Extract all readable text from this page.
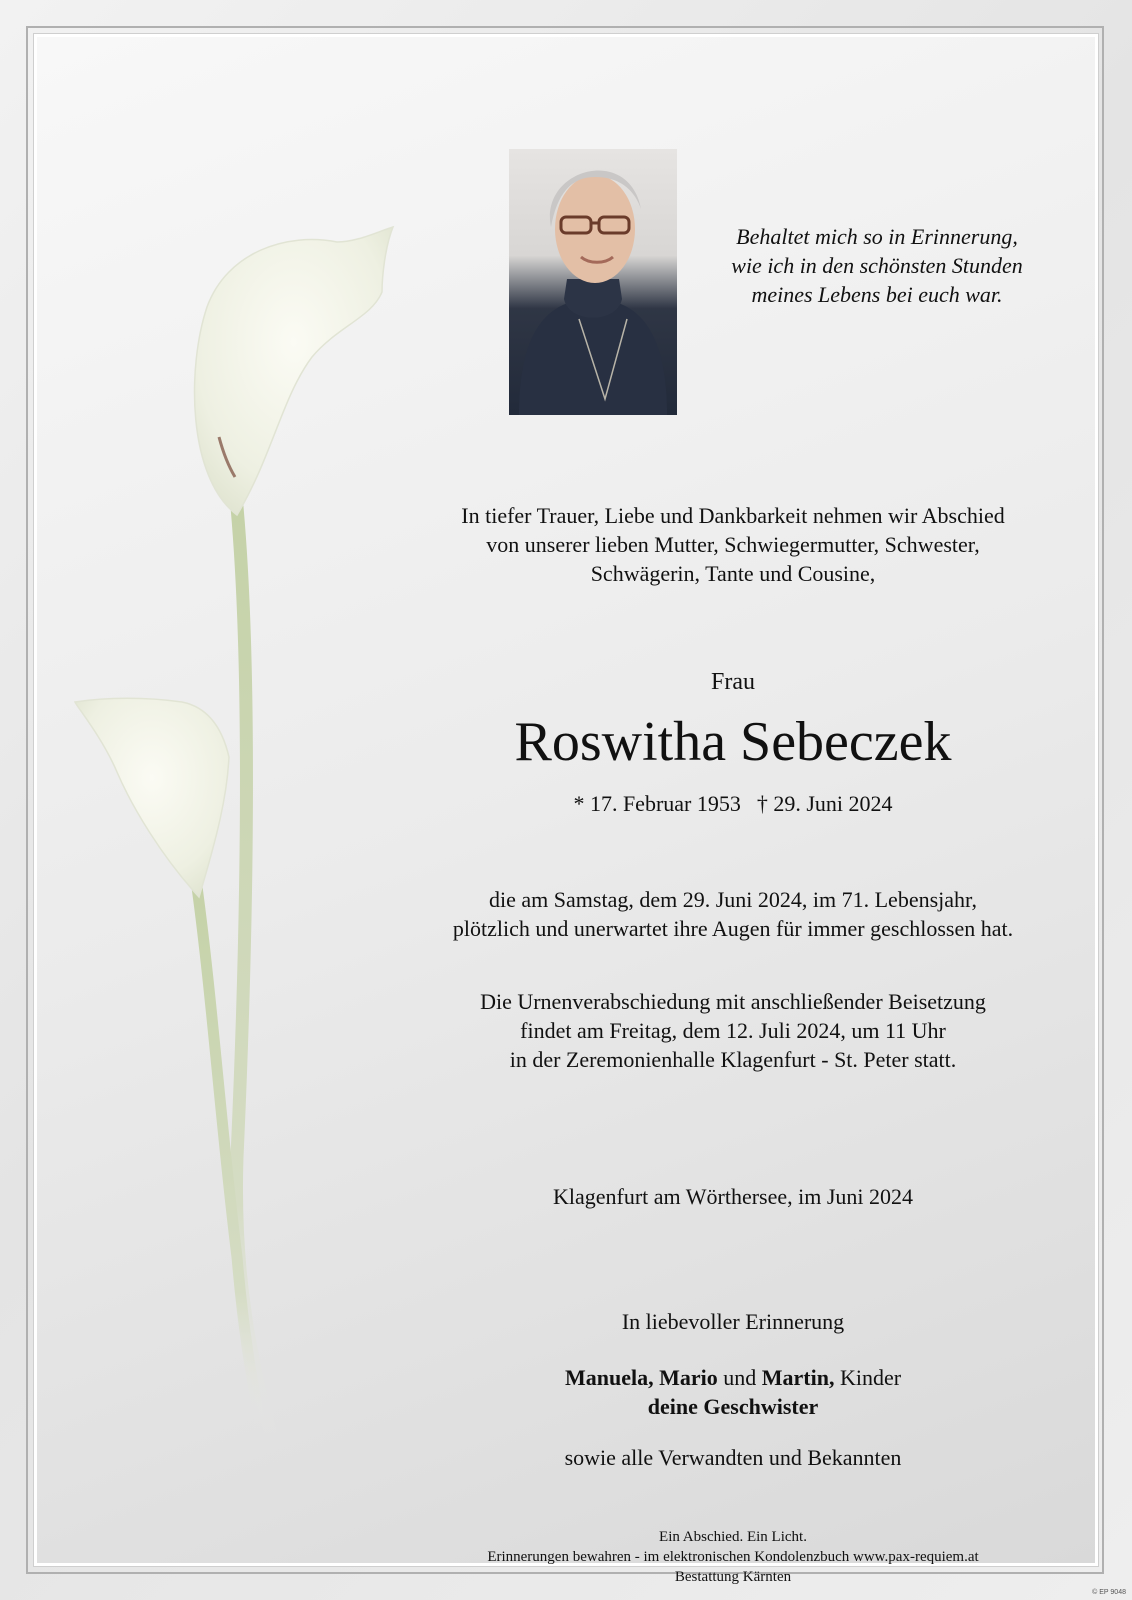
Behaltet mich so in Erinnerung,
wie ich in den schönsten Stunden
meines Lebens bei euch war.
In tiefer Trauer, Liebe und Dankbarkeit nehmen wir Abschied
von unserer lieben Mutter, Schwiegermutter, Schwester,
Schwägerin, Tante und Cousine,
Frau
Roswitha Sebeczek
* 17. Februar 1953 † 29. Juni 2024
die am Samstag, dem 29. Juni 2024, im 71. Lebensjahr,
plötzlich und unerwartet ihre Augen für immer geschlossen hat.
Die Urnenverabschiedung mit anschließender Beisetzung
findet am Freitag, dem 12. Juli 2024, um 11 Uhr
in der Zeremonienhalle Klagenfurt - St. Peter statt.
Klagenfurt am Wörthersee, im Juni 2024
In liebevoller Erinnerung
Manuela, Mario und Martin, Kinder
deine Geschwister
sowie alle Verwandten und Bekannten
Ein Abschied. Ein Licht.
Erinnerungen bewahren - im elektronischen Kondolenzbuch www.pax-requiem.at
Bestattung Kärnten
© EP 9048
